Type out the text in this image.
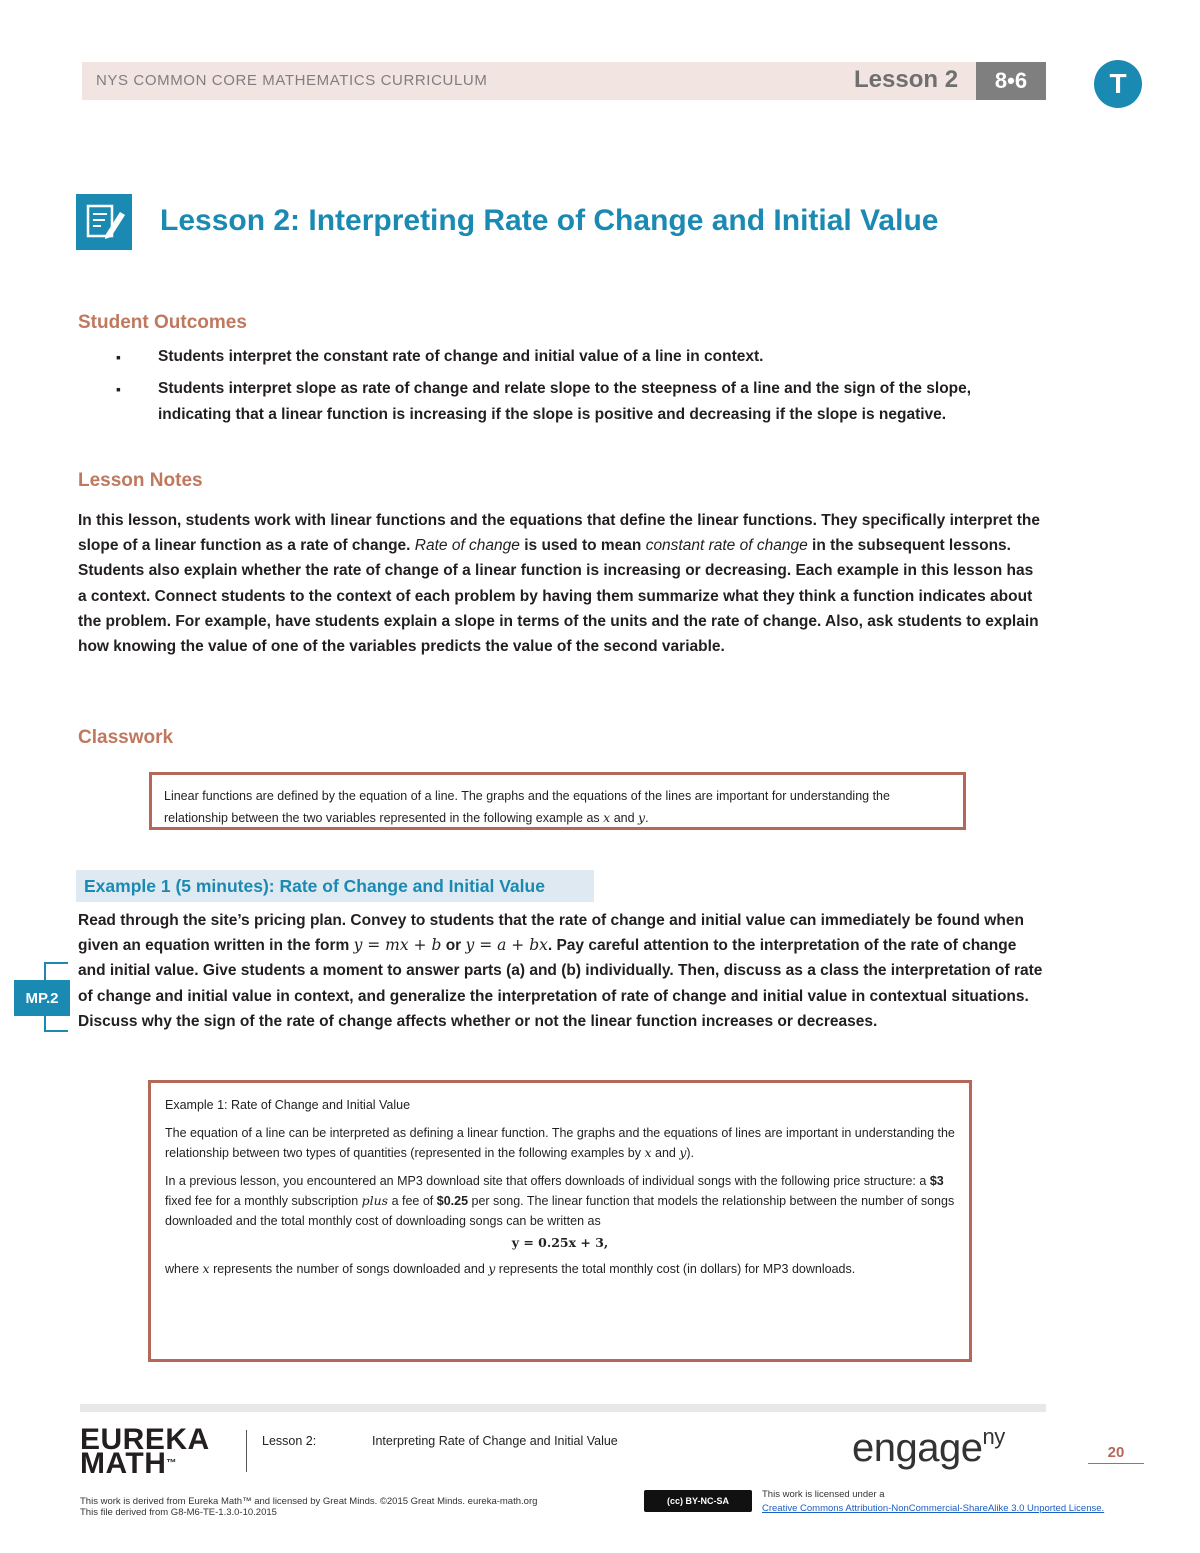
NYS COMMON CORE MATHEMATICS CURRICULUM	Lesson 2	8•6	T
Lesson 2: Interpreting Rate of Change and Initial Value
Student Outcomes
▪ Students interpret the constant rate of change and initial value of a line in context.
▪ Students interpret slope as rate of change and relate slope to the steepness of a line and the sign of the slope, indicating that a linear function is increasing if the slope is positive and decreasing if the slope is negative.
Lesson Notes

In this lesson, students work with linear functions and the equations that define the linear functions. They specifically interpret the slope of a linear function as a rate of change. Rate of change is used to mean constant rate of change in the subsequent lessons. Students also explain whether the rate of change of a linear function is increasing or decreasing. Each example in this lesson has a context. Connect students to the context of each problem by having them summarize what they think a function indicates about the problem. For example, have students explain a slope in terms of the units and the rate of change. Also, ask students to explain how knowing the value of one of the variables predicts the value of the second variable.

Classwork
Linear functions are defined by the equation of a line. The graphs and the equations of the lines are important for understanding the relationship between the two variables represented in the following example as x and y.
Example 1 (5 minutes): Rate of Change and Initial Value
MP.2

Read through the site’s pricing plan. Convey to students that the rate of change and initial value can immediately be found when given an equation written in the form y = mx + b or y = a + bx. Pay careful attention to the interpretation of the rate of change and initial value. Give students a moment to answer parts (a) and (b) individually. Then, discuss as a class the interpretation of rate of change and initial value in context, and generalize the interpretation of rate of change and initial value in contextual situations. Discuss why the sign of the rate of change affects whether or not the linear function increases or decreases.

Example 1: Rate of Change and Initial Value

The equation of a line can be interpreted as defining a linear function. The graphs and the equations of lines are important in understanding the relationship between two types of quantities (represented in the following examples by x and y).

In a previous lesson, you encountered an MP3 download site that offers downloads of individual songs with the following price structure: a $3 fixed fee for a monthly subscription plus a fee of $0.25 per song. The linear function that models the relationship between the number of songs downloaded and the total monthly cost of downloading songs can be written as

y = 0.25x + 3,

where x represents the number of songs downloaded and y represents the total monthly cost (in dollars) for MP3 downloads.

EUREKA
MATH™
Lesson 2:	Interpreting Rate of Change and Initial Value	engage$^{ny}$
20
This work is derived from Eureka Math™ and licensed by Great Minds. ©2015 Great Minds. eureka-math.org
This file derived from G8-M6-TE-1.3.0-10.2015
(cc) BY-NC-SA
This work is licensed under a
Creative Commons Attribution-NonCommercial-ShareAlike 3.0 Unported License.
